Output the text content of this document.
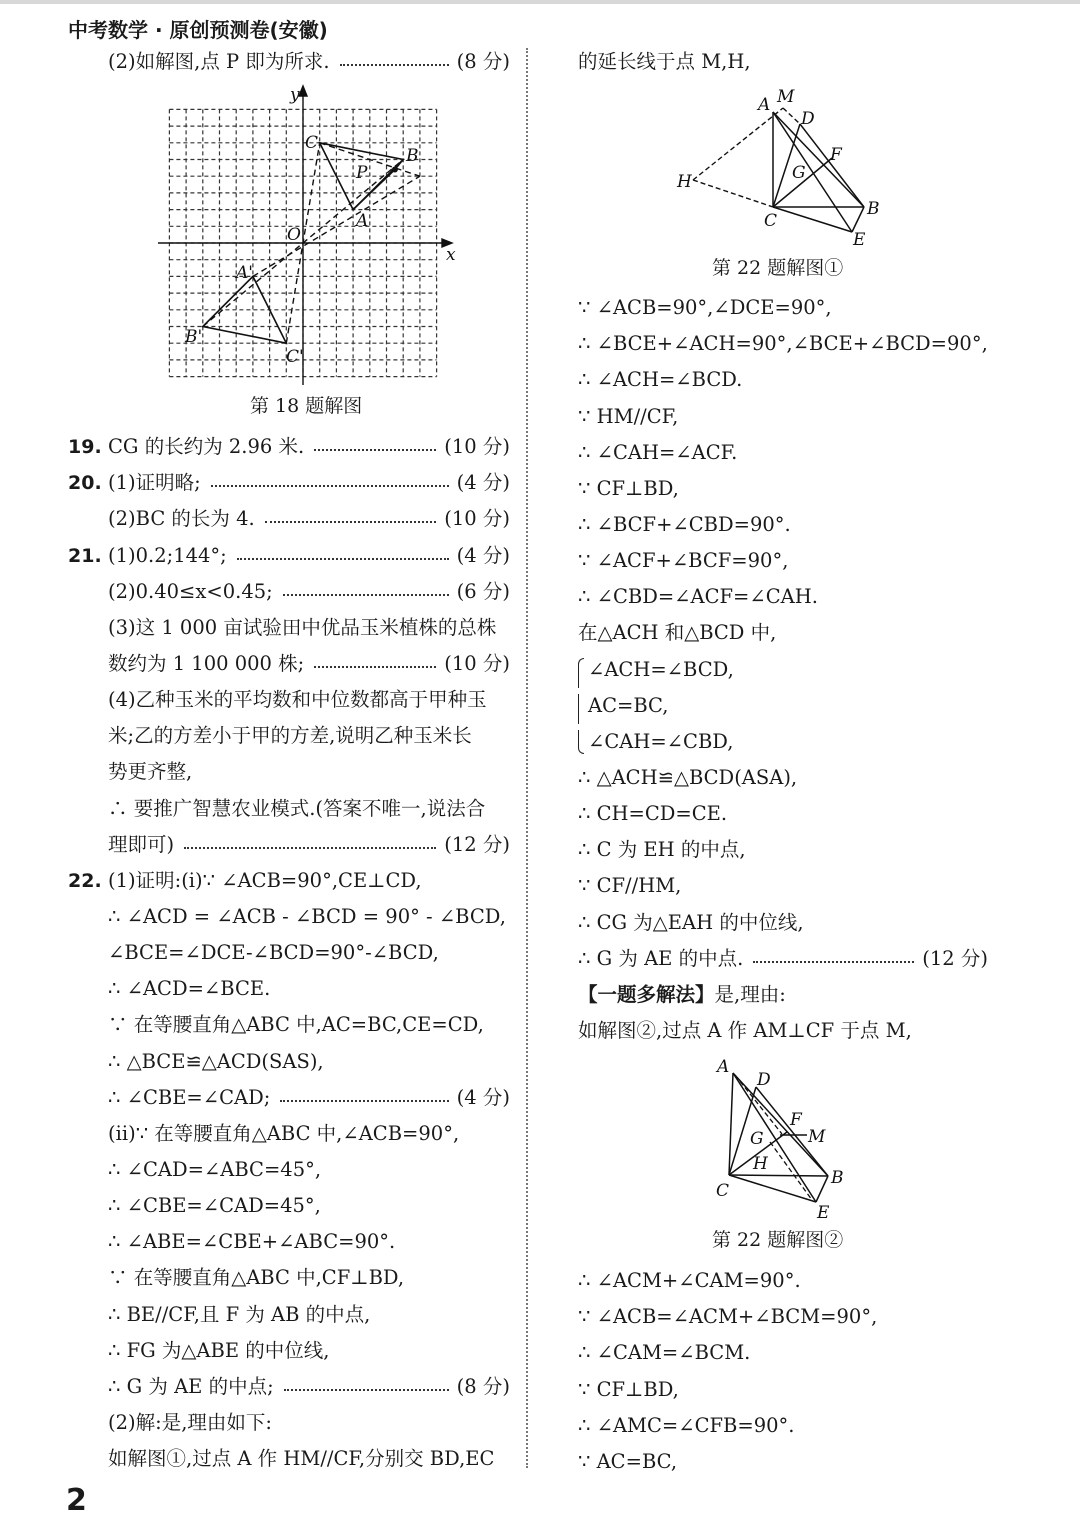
中考数学 · 原创预测卷(安徽)
(2)如解图,点 P 即为所求.	(8 分)
y
x
O
C
B
A
P
A'
B'
C'
第 18 题解图
19. CG 的长约为 2.96 米.	(10 分)
20. (1)证明略;	(4 分)
(2)BC 的长为 4.	(10 分)
21. (1)0.2;144°;	(4 分)
(2)0.40≤x<0.45;	(6 分)
(3)这 1 000 亩试验田中优品玉米植株的总株
数约为 1 100 000 株;	(10 分)
(4)乙种玉米的平均数和中位数都高于甲种玉
米;乙的方差小于甲的方差,说明乙种玉米长
势更齐整,
∴ 要推广智慧农业模式.(答案不唯一,说法合
理即可)	(12 分)
22. (1)证明:(i)∵ ∠ACB=90°,CE⊥CD,
∴ ∠ACD = ∠ACB - ∠BCD = 90° - ∠BCD,
∠BCE=∠DCE-∠BCD=90°-∠BCD,
∴ ∠ACD=∠BCE.
∵ 在等腰直角△ABC 中,AC=BC,CE=CD,
∴ △BCE≌△ACD(SAS),
∴ ∠CBE=∠CAD;	(4 分)
(ii)∵ 在等腰直角△ABC 中,∠ACB=90°,
∴ ∠CAD=∠ABC=45°,
∴ ∠CBE=∠CAD=45°,
∴ ∠ABE=∠CBE+∠ABC=90°.
∵ 在等腰直角△ABC 中,CF⊥BD,
∴ BE//CF,且 F 为 AB 的中点,
∴ FG 为△ABE 的中位线,
∴ G 为 AE 的中点;	(8 分)
(2)解:是,理由如下:
如解图①,过点 A 作 HM//CF,分别交 BD,EC
的延长线于点 M,H,
A M
D
F
G
H
C
B
E
第 22 题解图①
∵ ∠ACB=90°,∠DCE=90°,
∴ ∠BCE+∠ACH=90°,∠BCE+∠BCD=90°,
∴ ∠ACH=∠BCD.
∵ HM//CF,
∴ ∠CAH=∠ACF.
∵ CF⊥BD,
∴ ∠BCF+∠CBD=90°.
∵ ∠ACF+∠BCF=90°,
∴ ∠CBD=∠ACF=∠CAH.
在△ACH 和△BCD 中,
∠ACH=∠BCD,
AC=BC,
∠CAH=∠CBD,
∴ △ACH≌△BCD(ASA),
∴ CH=CD=CE.
∴ C 为 EH 的中点,
∵ CF//HM,
∴ CG 为△EAH 的中位线,
∴ G 为 AE 的中点.	(12 分)
【一题多解法】 是,理由:
如解图②,过点 A 作 AM⊥CF 于点 M,
A
D
F
M
G
H
C
B
E
第 22 题解图②
∴ ∠ACM+∠CAM=90°.
∵ ∠ACB=∠ACM+∠BCM=90°,
∴ ∠CAM=∠BCM.
∵ CF⊥BD,
∴ ∠AMC=∠CFB=90°.
∵ AC=BC,
2
